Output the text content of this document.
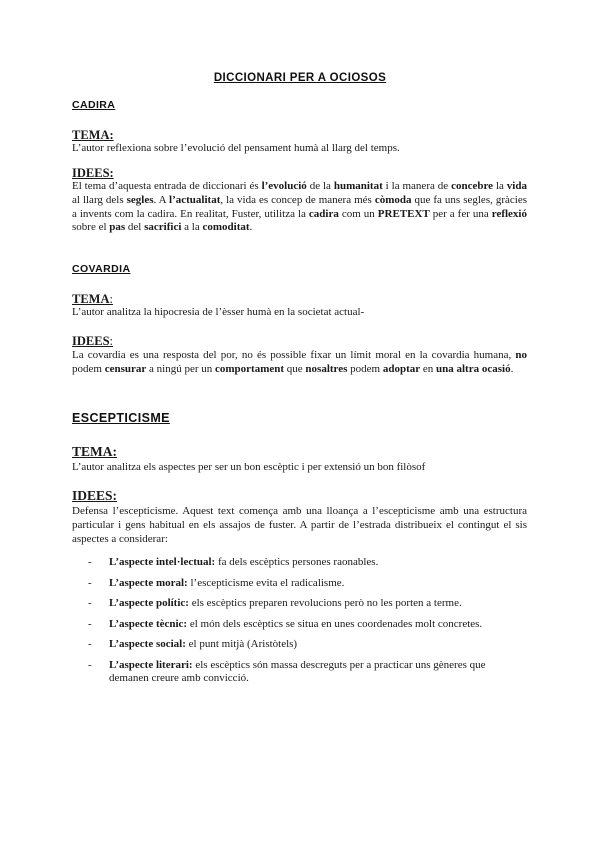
DICCIONARI PER A OCIOSOS
CADIRA

TEMA:

L’autor reflexiona sobre l’evolució del pensament humà al llarg del temps.

IDEES:

El tema d’aquesta entrada de diccionari és l’evolució de la humanitat i la manera de concebre la vida al llarg dels segles. A l’actualitat, la vida es concep de manera més còmoda que fa uns segles, gràcies a invents com la cadira. En realitat, Fuster, utilitza la cadira com un PRETEXT per a fer una reflexió sobre el pas del sacrifici a la comoditat.

COVARDIA

TEMA:

L’autor analitza la hipocresia de l’èsser humà en la societat actual-

IDEES:

La covardia es una resposta del por, no és possible fixar un límit moral en la covardia humana, no podem censurar a ningú per un comportament que nosaltres podem adoptar en una altra ocasió.

ESCEPTICISME

TEMA:

L’autor analitza els aspectes per ser un bon escèptic i per extensió un bon filòsof

IDEES:

Defensa l’escepticisme. Aquest text comença amb una lloança a l’escepticisme amb una estructura particular i gens habitual en els assajos de fuster. A partir de l’estrada distribueix el contingut el sis aspectes a considerar:

- L’aspecte intel·lectual: fa dels escèptics persones raonables.
- L’aspecte moral: l’escepticisme evita el radicalisme.
- L’aspecte polític: els escèptics preparen revolucions però no les porten a terme.
- L’aspecte tècnic: el món dels escèptics se situa en unes coordenades molt concretes.
- L’aspecte social: el punt mitjà (Aristòtels)
- L’aspecte literari: els escèptics són massa descreguts per a practicar uns gèneres que demanen creure amb convicció.
